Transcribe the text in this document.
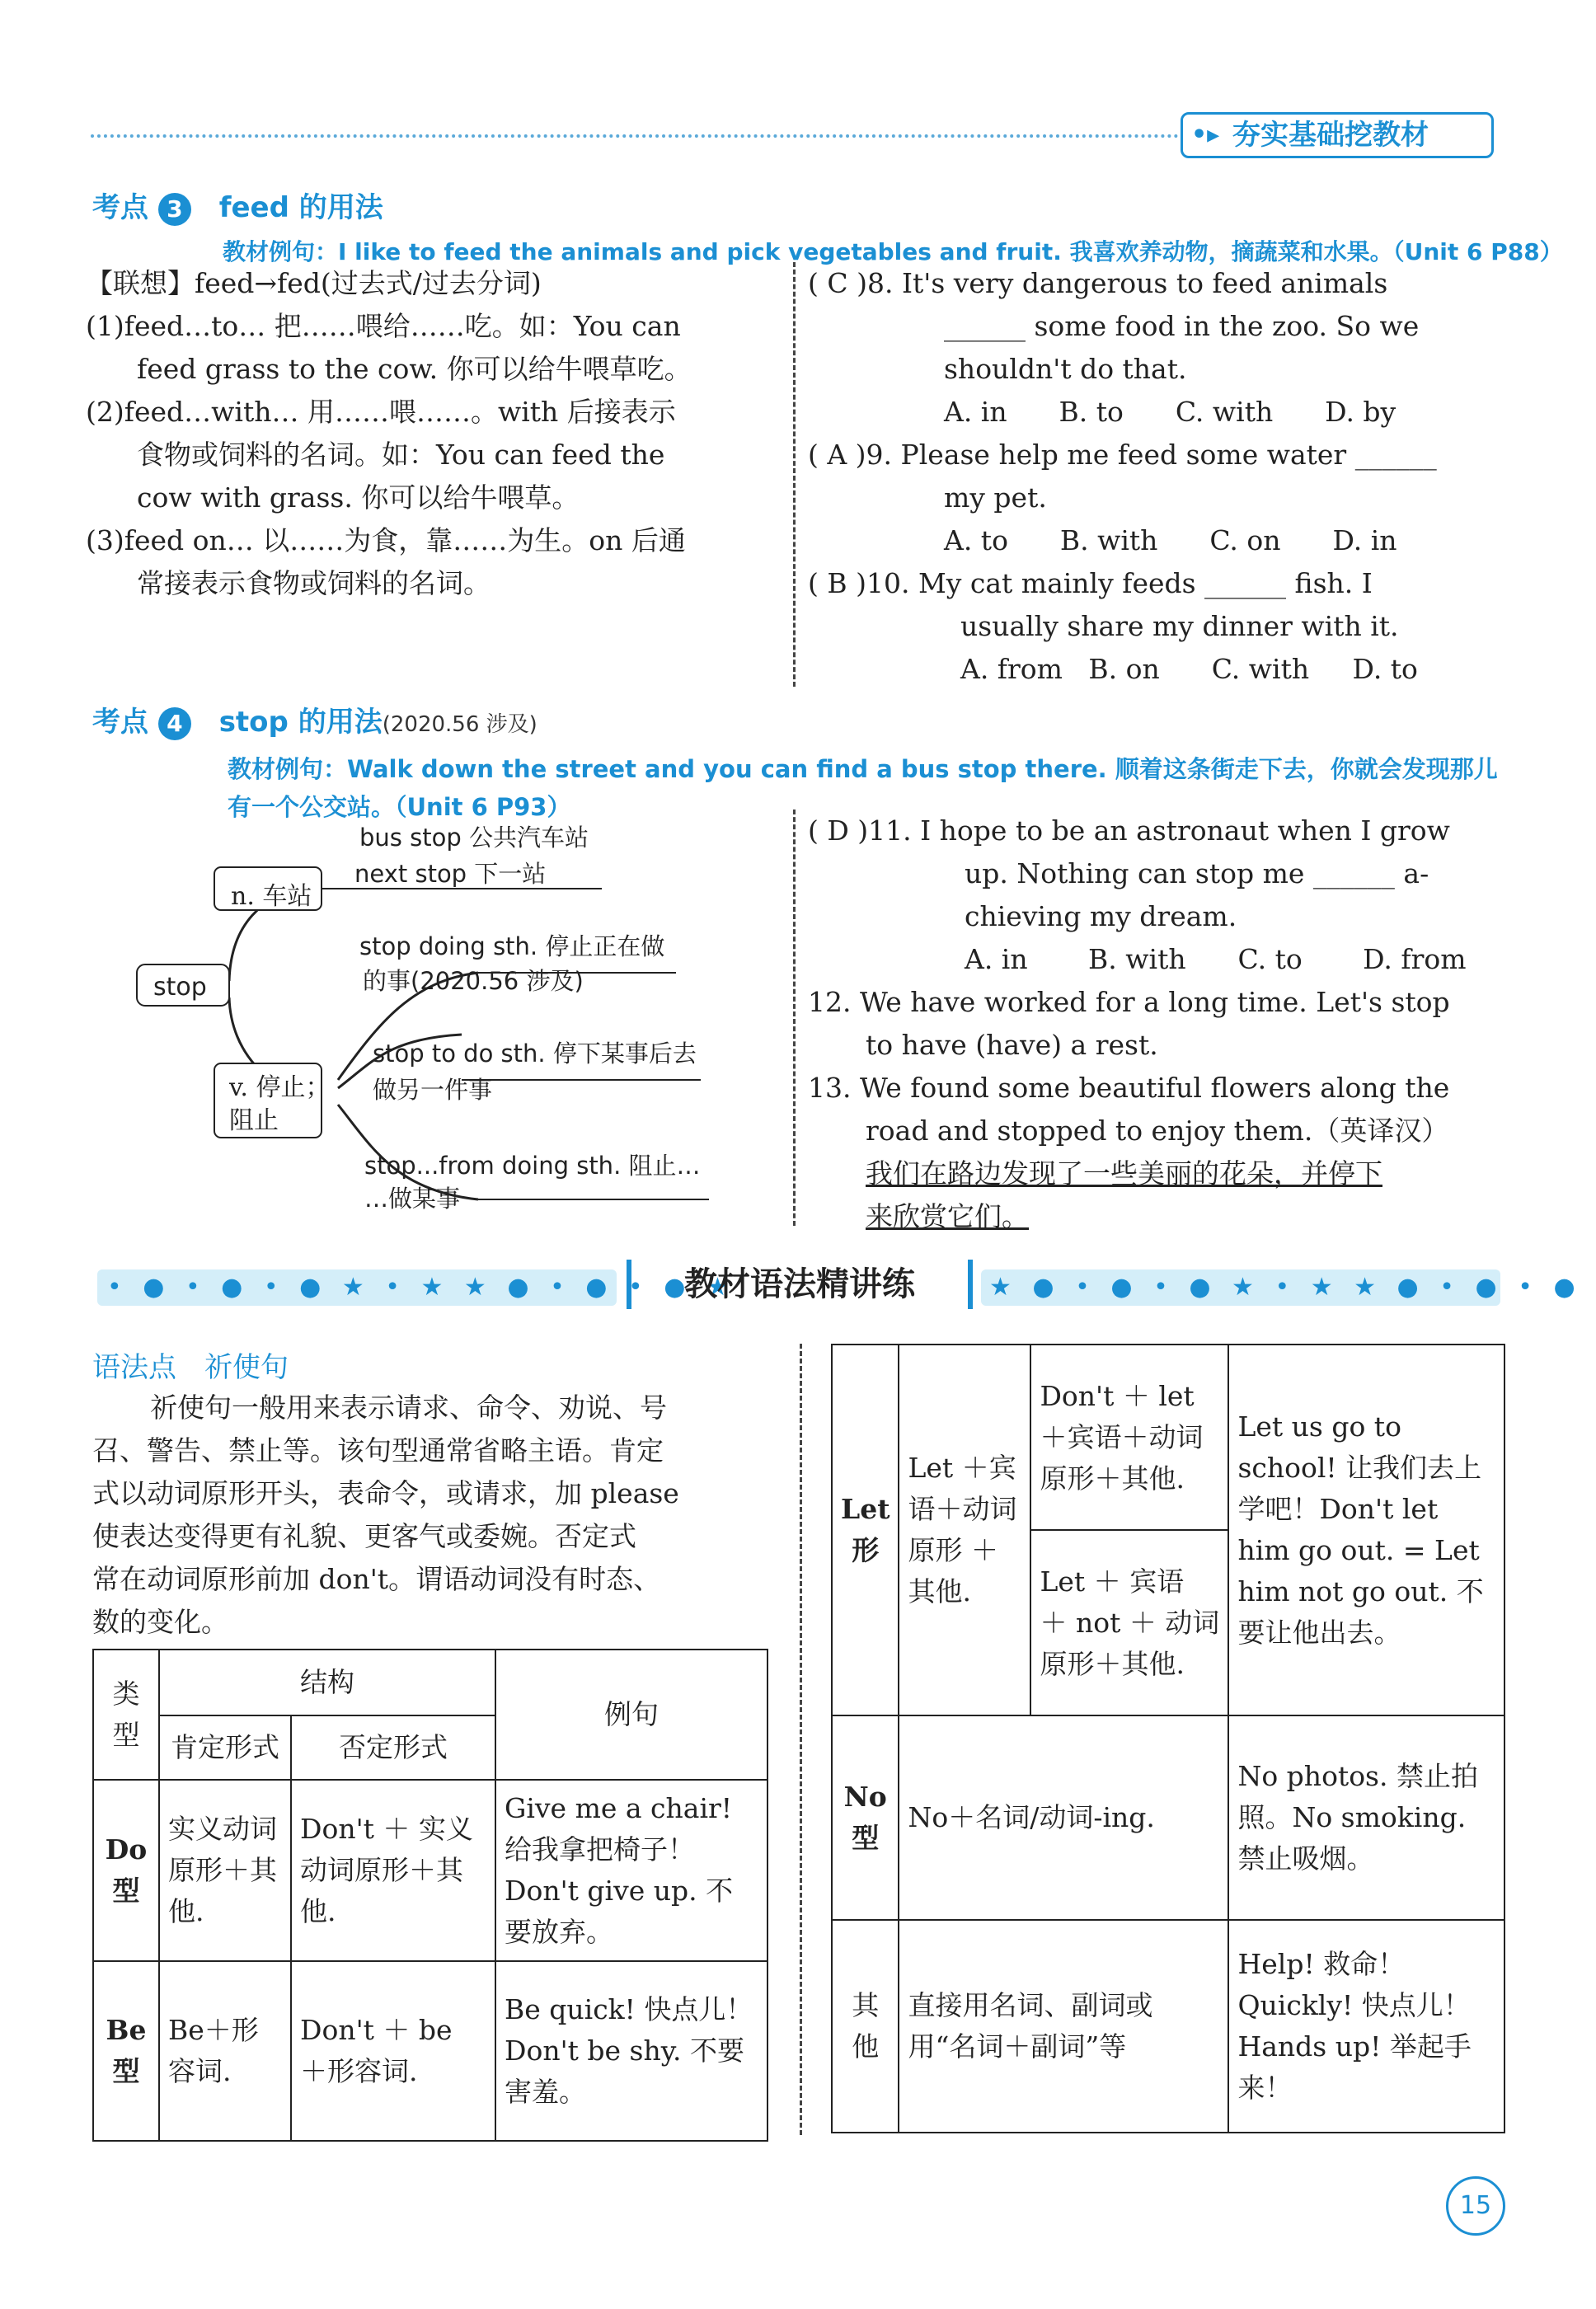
•▸ 夯实基础挖教材
考点 3 feed 的用法
教材例句：I like to feed the animals and pick vegetables and fruit. 我喜欢养动物，摘蔬菜和水果。（Unit 6 P88）
【联想】feed→fed(过去式/过去分词)
(1)feed…to… 把……喂给……吃。如：You can
feed grass to the cow. 你可以给牛喂草吃。
(2)feed…with… 用……喂……。with 后接表示
食物或饲料的名词。如：You can feed the
cow with grass. 你可以给牛喂草。
(3)feed on… 以……为食，靠……为生。on 后通
常接表示食物或饲料的名词。
( C )8. It's very dangerous to feed animals
______ some food in the zoo. So we
shouldn't do that.
A. in      B. to      C. with      D. by
( A )9. Please help me feed some water ______
my pet.
A. to      B. with      C. on      D. in
( B )10. My cat mainly feeds ______ fish. I
usually share my dinner with it.
A. from   B. on      C. with     D. to
考点 4 stop 的用法(2020.56 涉及)
教材例句：Walk down the street and you can find a bus stop there. 顺着这条街走下去，你就会发现那儿
有一个公交站。（Unit 6 P93）
stop
n. 车站
v. 停止；
阻止
bus stop 公共汽车站
next stop 下一站
stop doing sth. 停止正在做
的事(2020.56 涉及)
stop to do sth. 停下某事后去
做另一件事
stop...from doing sth. 阻止…
…做某事
( D )11. I hope to be an astronaut when I grow
up. Nothing can stop me ______ a-
chieving my dream.
A. in       B. with      C. to       D. from
12. We have worked for a long time. Let's stop
to have (have) a rest.
13. We found some beautiful flowers along the
road and stopped to enjoy them.（英译汉）
我们在路边发现了一些美丽的花朵，并停下
来欣赏它们。
• ● • ● • ● ★ • ★ ★ ● • ● • ● ★	★ ● • ● • ● ★ • ★ ★ ● • ● • ●
教材语法精讲练
语法点　祈使句
祈使句一般用来表示请求、命令、劝说、号
召、警告、禁止等。该句型通常省略主语。肯定
式以动词原形开头，表命令，或请求，加 please
使表达变得更有礼貌、更客气或委婉。否定式
常在动词原形前加 don't。谓语动词没有时态、
数的变化。
类型	结构		例句
	肯定形式	否定形式	
Do 型	实义动词原形＋其他.	Don't ＋ 实义动词原形＋其他.	Give me a chair! 给我拿把椅子！Don't give up. 不要放弃。
Be 型	Be＋形容词.	Don't ＋ be ＋形容词.	Be quick! 快点儿！Don't be shy. 不要害羞。
Let 形	Let ＋宾语＋动词原形 ＋其他.	Don't ＋ let ＋宾语＋动词原形＋其他.	Let us go to school! 让我们去上学吧！Don't let him go out. = Let him not go out. 不要让他出去。
		Let ＋ 宾语 ＋ not ＋ 动词原形＋其他.	
No 型	No＋名词/动词-ing.		No photos. 禁止拍照。No smoking. 禁止吸烟。
其他	直接用名词、副词或用“名词＋副词”等		Help! 救命！Quickly! 快点儿！Hands up! 举起手来！
15
